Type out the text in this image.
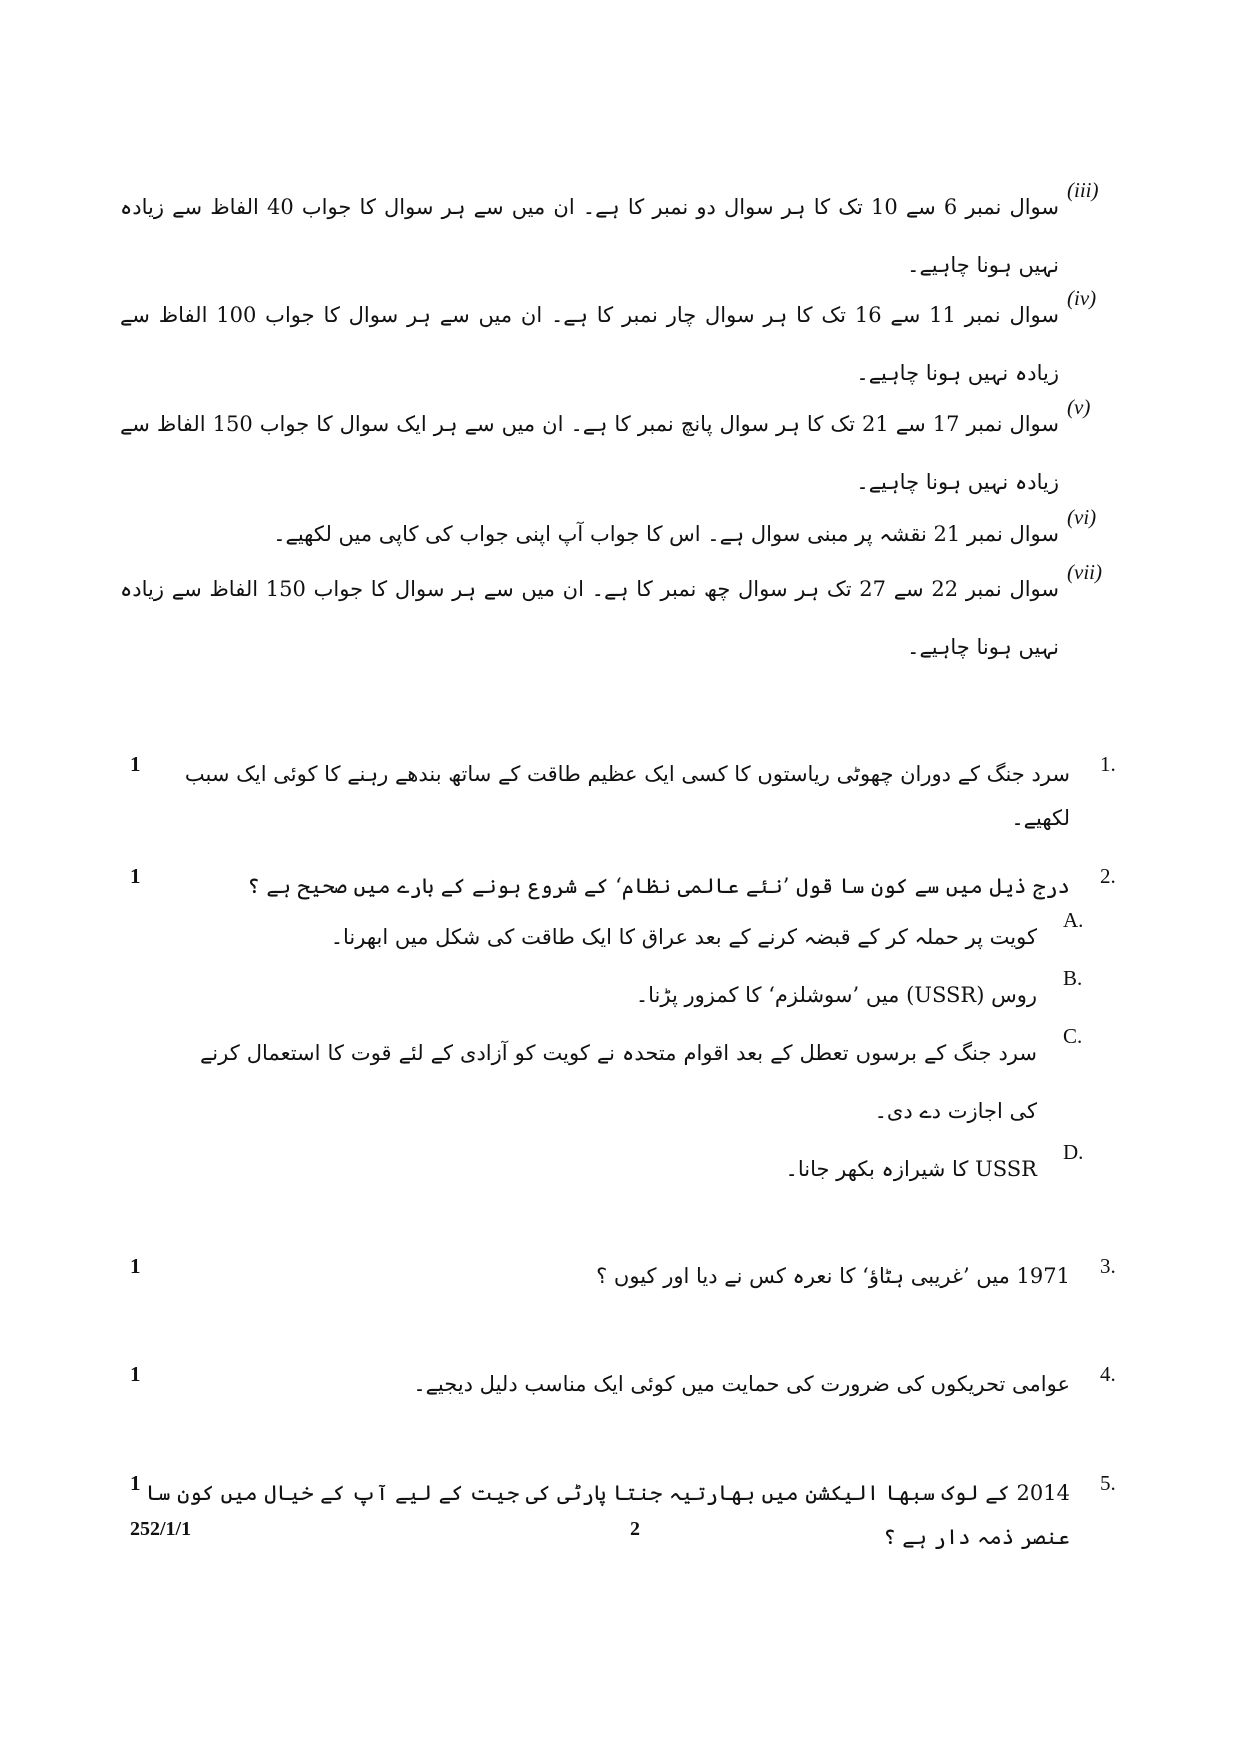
(iii)
سوال نمبر 6 سے 10 تک کا ہر سوال دو نمبر کا ہے۔ ان میں سے ہر سوال کا جواب 40 الفاظ سے زیادہ نہیں ہونا چاہیے۔
(iv)
سوال نمبر 11 سے 16 تک کا ہر سوال چار نمبر کا ہے۔ ان میں سے ہر سوال کا جواب 100 الفاظ سے زیادہ نہیں ہونا چاہیے۔
(v)
سوال نمبر 17 سے 21 تک کا ہر سوال پانچ نمبر کا ہے۔ ان میں سے ہر ایک سوال کا جواب 150 الفاظ سے زیادہ نہیں ہونا چاہیے۔
(vi)
سوال نمبر 21 نقشہ پر مبنی سوال ہے۔ اس کا جواب آپ اپنی جواب کی کاپی میں لکھیے۔
(vii)
سوال نمبر 22 سے 27 تک ہر سوال چھ نمبر کا ہے۔ ان میں سے ہر سوال کا جواب 150 الفاظ سے زیادہ نہیں ہونا چاہیے۔
1	سرد جنگ کے دوران چھوٹی ریاستوں کا کسی ایک عظیم طاقت کے ساتھ بندھے رہنے کا کوئی ایک سبب لکھیے۔
1.
1	درج ذیل میں سے کون سا قول ’نئے عالمی نظام‘ کے شروع ہونے کے بارے میں صحیح ہے ؟	2.
A.
کویت پر حملہ کر کے قبضہ کرنے کے بعد عراق کا ایک طاقت کی شکل میں ابھرنا۔
B.
روس (USSR) میں ’سوشلزم‘ کا کمزور پڑنا۔
C.
سرد جنگ کے برسوں تعطل کے بعد اقوام متحدہ نے کویت کو آزادی کے لئے قوت کا استعمال کرنے کی اجازت دے دی۔
D.
USSR کا شیرازہ بکھر جانا۔
1	1971 میں ’غریبی ہٹاؤ‘ کا نعرہ کس نے دیا اور کیوں ؟	3.
1	عوامی تحریکوں کی ضرورت کی حمایت میں کوئی ایک مناسب دلیل دیجیے۔	4.
1 2014 کے لوک سبھا الیکشن میں بھارتیہ جنتا پارٹی کی جیت کے لیے آپ کے خیال میں کون سا عنصر ذمہ دار ہے ؟
5.
252/1/1	2
